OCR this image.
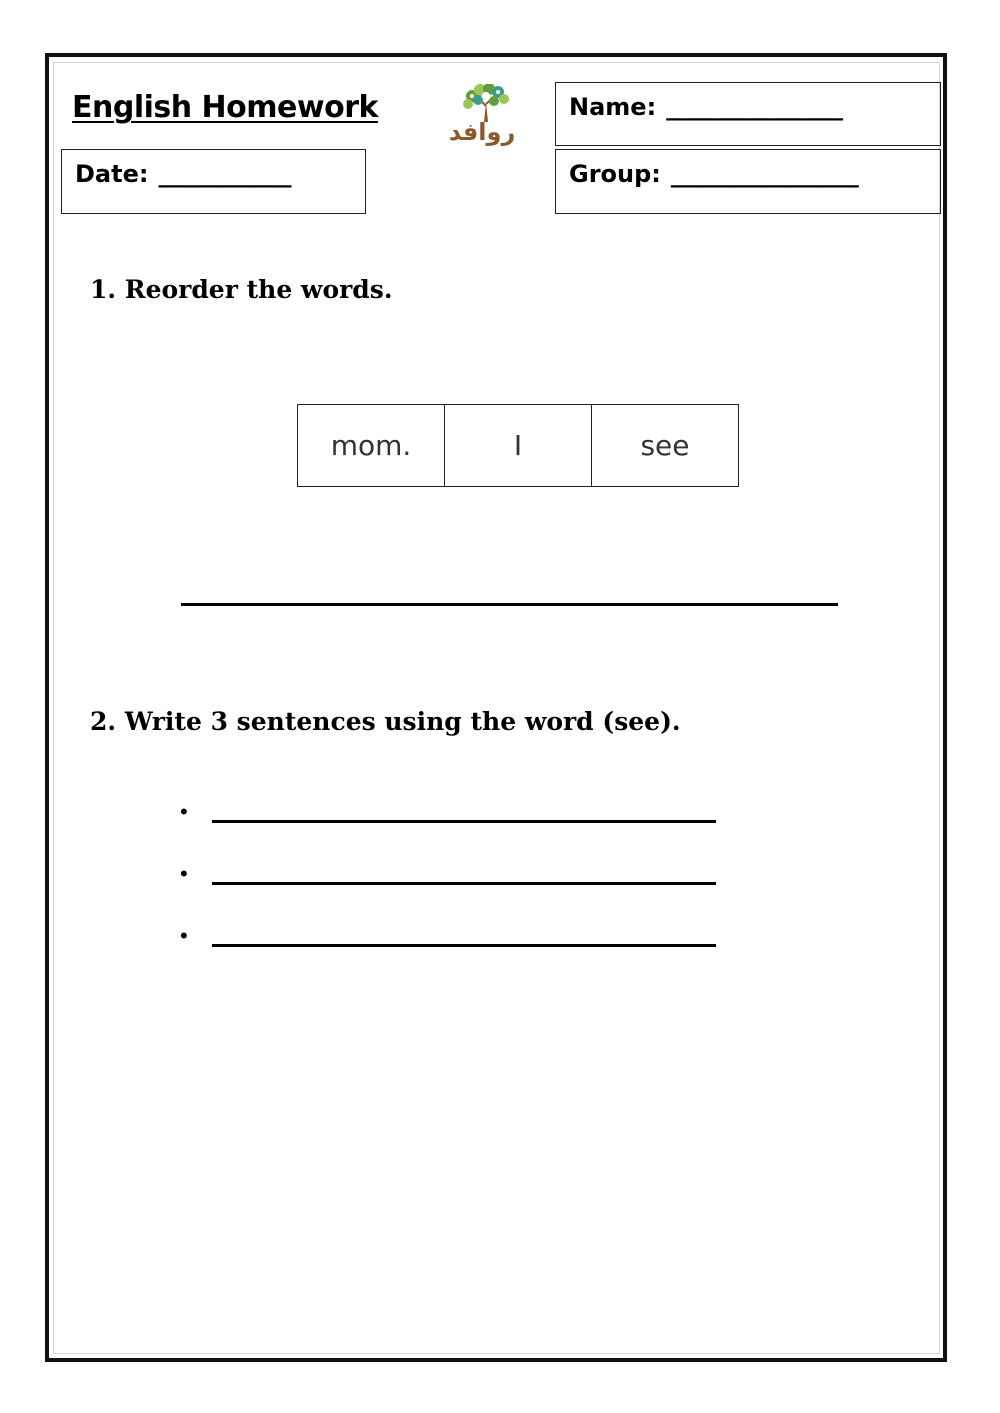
English Homework
روافد
Date: ____________
Name: ________________
Group: _________________
1. Reorder the words.
mom.	I	see
2. Write 3 sentences using the word (see).
•
•
•
